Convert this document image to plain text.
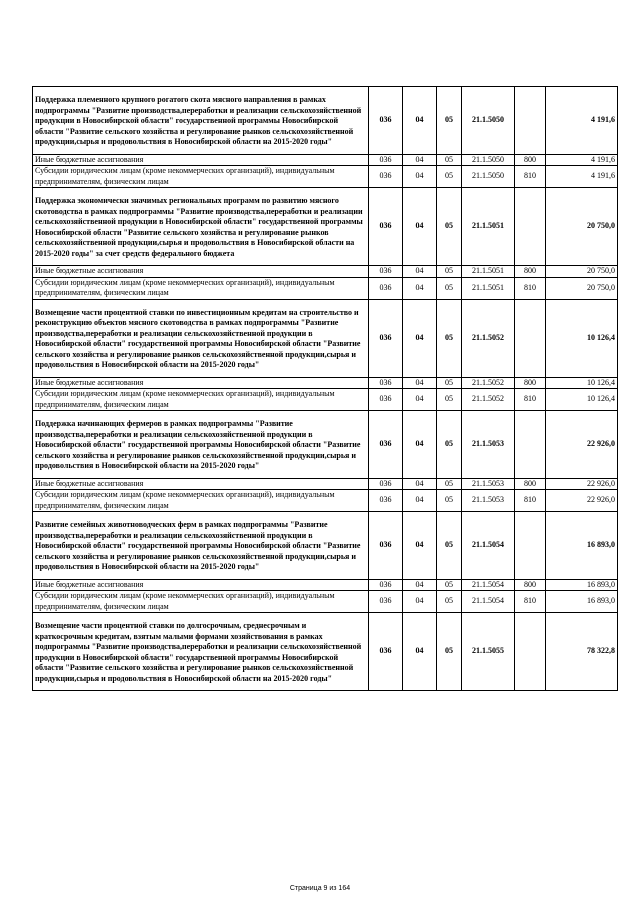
Поддержка племенного крупного рогатого скота мясного направления в рамках подпрограммы "Развитие производства,переработки и реализации сельскохозяйственной продукции в Новосибирской области" государственной программы Новосибирской области "Развитие сельского хозяйства и регулирование рынков сельскохозяйственной продукции,сырья и продовольствия в Новосибирской области на 2015-2020 годы"	036	04	05	21.1.5050		4 191,6
Иные бюджетные ассигнования	036	04	05	21.1.5050	800	4 191,6
Субсидии юридическим лицам (кроме некоммерческих организаций), индивидуальным предпринимателям, физическим лицам	036	04	05	21.1.5050	810	4 191,6
Поддержка экономически значимых региональных программ по развитию мясного скотоводства в рамках подпрограммы "Развитие производства,переработки и реализации сельскохозяйственной продукции в Новосибирской области" государственной программы Новосибирской области "Развитие сельского хозяйства и регулирование рынков сельскохозяйственной продукции,сырья и продовольствия в Новосибирской области на 2015-2020 годы" за счет средств федерального бюджета	036	04	05	21.1.5051		20 750,0
Иные бюджетные ассигнования	036	04	05	21.1.5051	800	20 750,0
Субсидии юридическим лицам (кроме некоммерческих организаций), индивидуальным предпринимателям, физическим лицам	036	04	05	21.1.5051	810	20 750,0
Возмещение части процентной ставки по инвестиционным кредитам на строительство и реконструкцию объектов мясного скотоводства в рамках подпрограммы "Развитие производства,переработки и реализации сельскохозяйственной продукции в Новосибирской области" государственной программы Новосибирской области "Развитие сельского хозяйства и регулирование рынков сельскохозяйственной продукции,сырья и продовольствия в Новосибирской области на 2015-2020 годы"	036	04	05	21.1.5052		10 126,4
Иные бюджетные ассигнования	036	04	05	21.1.5052	800	10 126,4
Субсидии юридическим лицам (кроме некоммерческих организаций), индивидуальным предпринимателям, физическим лицам	036	04	05	21.1.5052	810	10 126,4
Поддержка начинающих фермеров в рамках подпрограммы "Развитие производства,переработки и реализации сельскохозяйственной продукции в Новосибирской области" государственной программы Новосибирской области "Развитие сельского хозяйства и регулирование рынков сельскохозяйственной продукции,сырья и продовольствия в Новосибирской области на 2015-2020 годы"	036	04	05	21.1.5053		22 926,0
Иные бюджетные ассигнования	036	04	05	21.1.5053	800	22 926,0
Субсидии юридическим лицам (кроме некоммерческих организаций), индивидуальным предпринимателям, физическим лицам	036	04	05	21.1.5053	810	22 926,0
Развитие семейных животноводческих ферм в рамках подпрограммы "Развитие производства,переработки и реализации сельскохозяйственной продукции в Новосибирской области" государственной программы Новосибирской области "Развитие сельского хозяйства и регулирование рынков сельскохозяйственной продукции,сырья и продовольствия в Новосибирской области на 2015-2020 годы"	036	04	05	21.1.5054		16 893,0
Иные бюджетные ассигнования	036	04	05	21.1.5054	800	16 893,0
Субсидии юридическим лицам (кроме некоммерческих организаций), индивидуальным предпринимателям, физическим лицам	036	04	05	21.1.5054	810	16 893,0
Возмещение части процентной ставки по долгосрочным, среднесрочным и краткосрочным кредитам, взятым малыми формами хозяйствования в рамках подпрограммы "Развитие производства,переработки и реализации сельскохозяйственной продукции в Новосибирской области" государственной программы Новосибирской области "Развитие сельского хозяйства и регулирование рынков сельскохозяйственной продукции,сырья и продовольствия в Новосибирской области на 2015-2020 годы"	036	04	05	21.1.5055		78 322,8
Страница 9 из 164
